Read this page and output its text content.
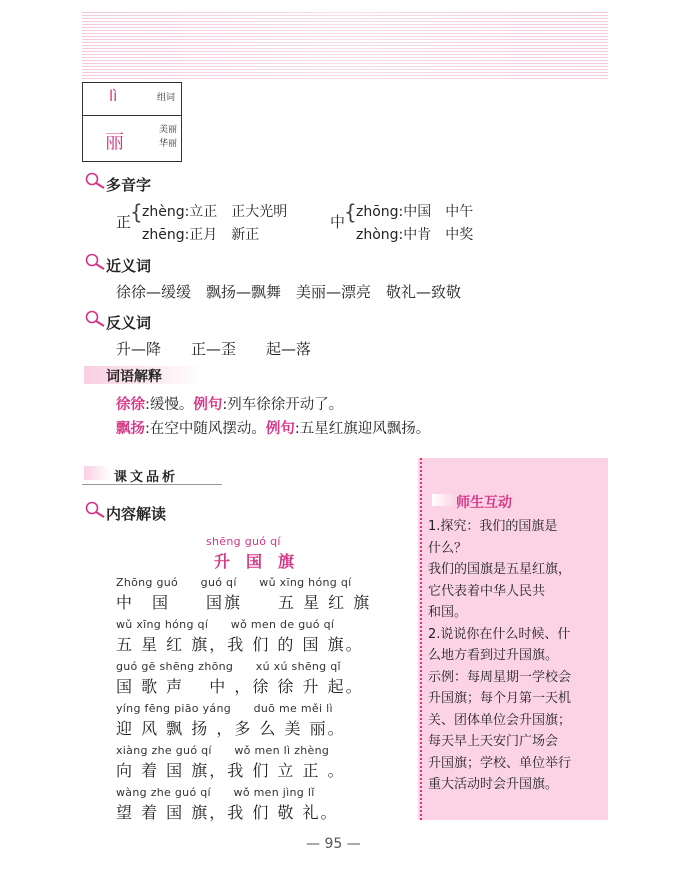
lì	组词
丽
美丽
华丽
多音字
正
{ zhèng:立正　正大光明
zhēng:正月　新正
中
{ zhōng:中国　中午
zhòng:中肯　中奖
近义词
徐徐—缓缓　飘扬—飘舞　美丽—漂亮　敬礼—致敬
反义词
升—降　　正—歪　　起—落
词语解释
徐徐:缓慢。例句:列车徐徐开动了。
飘扬:在空中随风摆动。例句:五星红旗迎风飘扬。
课文品析
内容解读
shēng guó qí
升　国　旗
Zhōng guó　　guó qí　　wǔ xīng hóng qí
中　国　　国旗　　五 星 红 旗
wǔ xīng hóng qí　　wǒ men de guó qí
五 星 红 旗，我 们 的 国 旗。
guó gē shēng zhōng　　xú xú shēng qǐ
国 歌 声　 中 ，徐 徐 升 起。
yíng fēng piāo yáng　　duō me měi lì
迎 风 飘 扬 ，多 么 美 丽。
xiàng zhe guó qí　　wǒ men lì zhèng
向 着 国 旗，我 们 立 正 。
wàng zhe guó qí　　wǒ men jìng lǐ
望 着 国 旗，我 们 敬 礼。
师生互动
1.探究：我们的国旗是
什么？
我们的国旗是五星红旗，
它代表着中华人民共
和国。
2.说说你在什么时候、什
么地方看到过升国旗。
示例：每周星期一学校会
升国旗；每个月第一天机
关、团体单位会升国旗；
每天早上天安门广场会
升国旗；学校、单位举行
重大活动时会升国旗。
— 95 —
